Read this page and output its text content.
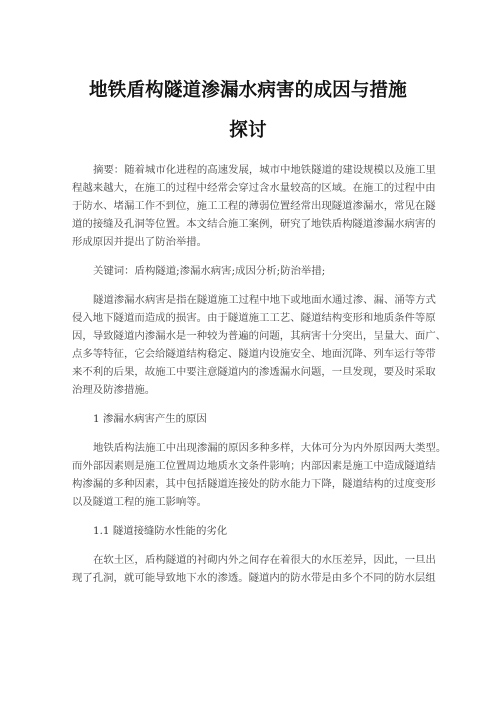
地铁盾构隧道渗漏水病害的成因与措施
探讨
摘要：随着城市化进程的高速发展，城市中地铁隧道的建设规模以及施工里
程越来越大，在施工的过程中经常会穿过含水量较高的区域。在施工的过程中由
于防水、堵漏工作不到位，施工工程的薄弱位置经常出现隧道渗漏水，常见在隧
道的接缝及孔洞等位置。本文结合施工案例，研究了地铁盾构隧道渗漏水病害的
形成原因并提出了防治举措。
关键词：盾构隧道;渗漏水病害;成因分析;防治举措;
隧道渗漏水病害是指在隧道施工过程中地下或地面水通过渗、漏、涌等方式
侵入地下隧道而造成的损害。由于隧道施工工艺、隧道结构变形和地质条件等原
因，导致隧道内渗漏水是一种较为普遍的问题，其病害十分突出，呈量大、面广、
点多等特征，它会给隧道结构稳定、隧道内设施安全、地面沉降、列车运行等带
来不利的后果，故施工中要注意隧道内的渗透漏水问题，一旦发现，要及时采取
治理及防渗措施。
1 渗漏水病害产生的原因
地铁盾构法施工中出现渗漏的原因多种多样，大体可分为内外原因两大类型。
而外部因素则是施工位置周边地质水文条件影响；内部因素是施工中造成隧道结
构渗漏的多种因素，其中包括隧道连接处的防水能力下降，隧道结构的过度变形
以及隧道工程的施工影响等。
1.1 隧道接缝防水性能的劣化
在软土区，盾构隧道的衬砌内外之间存在着很大的水压差异，因此，一旦出
现了孔洞，就可能导致地下水的渗透。隧道内的防水带是由多个不同的防水层组
